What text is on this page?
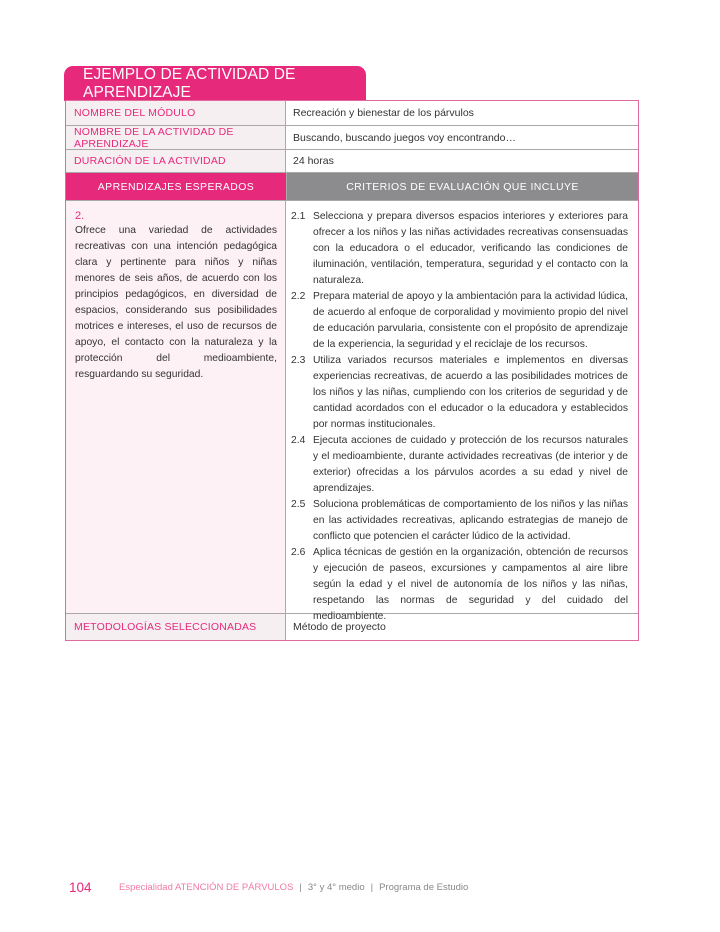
EJEMPLO DE ACTIVIDAD DE APRENDIZAJE
NOMBRE DEL MÓDULO	Recreación y bienestar de los párvulos
NOMBRE DE LA ACTIVIDAD DE APRENDIZAJE	Buscando, buscando juegos voy encontrando…
DURACIÓN DE LA ACTIVIDAD	24 horas
APRENDIZAJES ESPERADOS	CRITERIOS DE EVALUACIÓN QUE INCLUYE
2.
Ofrece una variedad de actividades recreativas con una intención pedagógica clara y pertinente para niños y niñas menores de seis años, de acuerdo con los principios pedagógicos, en diversidad de espacios, considerando sus posibilidades motrices e intereses, el uso de recursos de apoyo, el contacto con la naturaleza y la protección del medioambiente, resguardando su seguridad.
2.1 Selecciona y prepara diversos espacios interiores y exteriores para ofrecer a los niños y las niñas actividades recreativas consensuadas con la educadora o el educador, verificando las condiciones de iluminación, ventilación, temperatura, seguridad y el contacto con la naturaleza.
2.2 Prepara material de apoyo y la ambientación para la actividad lúdica, de acuerdo al enfoque de corporalidad y movimiento propio del nivel de educación parvularia, consistente con el propósito de aprendizaje de la experiencia, la seguridad y el reciclaje de los recursos.
2.3 Utiliza variados recursos materiales e implementos en diversas experiencias recreativas, de acuerdo a las posibilidades motrices de los niños y las niñas, cumpliendo con los criterios de seguridad y de cantidad acordados con el educador o la educadora y establecidos por normas institucionales.
2.4 Ejecuta acciones de cuidado y protección de los recursos naturales y el medioambiente, durante actividades recreativas (de interior y de exterior) ofrecidas a los párvulos acordes a su edad y nivel de aprendizajes.
2.5 Soluciona problemáticas de comportamiento de los niños y las niñas en las actividades recreativas, aplicando estrategias de manejo de conflicto que potencien el carácter lúdico de la actividad.
2.6 Aplica técnicas de gestión en la organización, obtención de recursos y ejecución de paseos, excursiones y campamentos al aire libre según la edad y el nivel de autonomía de los niños y las niñas, respetando las normas de seguridad y del cuidado del medioambiente.
METODOLOGÍAS SELECCIONADAS	Método de proyecto
104	Especialidad ATENCIÓN DE PÁRVULOS | 3° y 4° medio | Programa de Estudio
